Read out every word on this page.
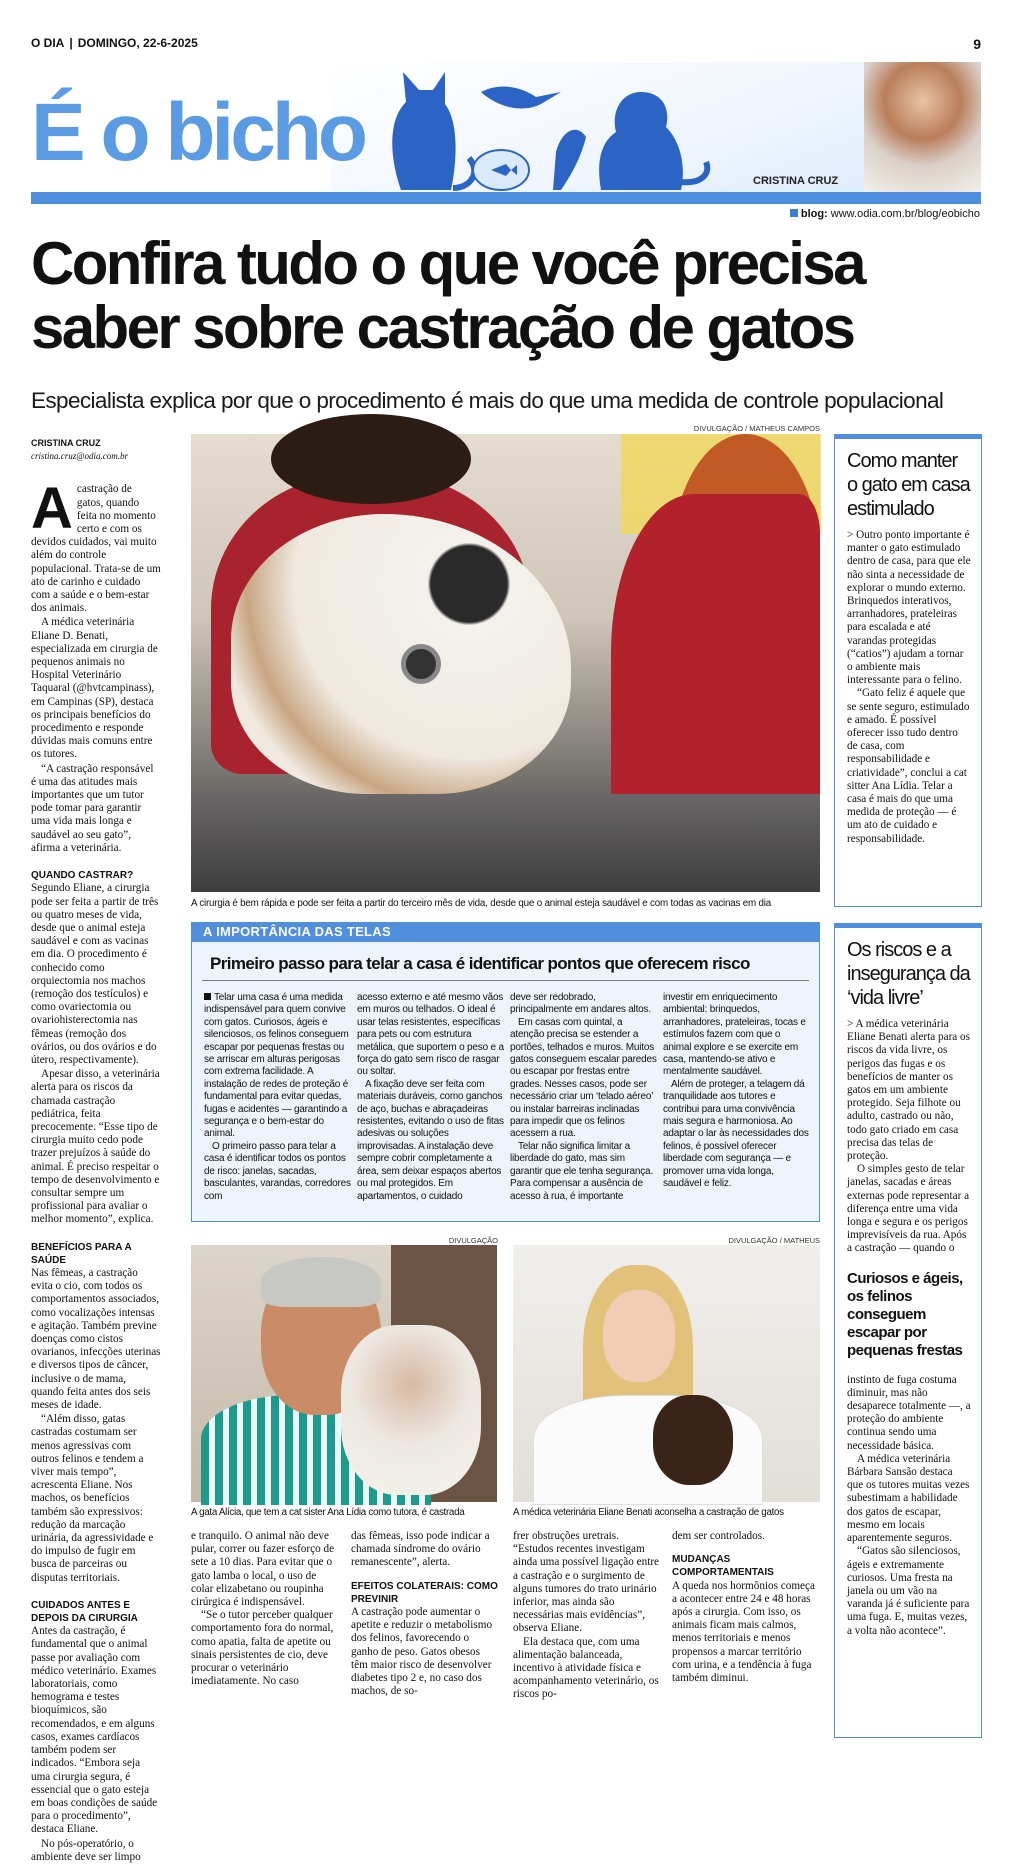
O DIA | DOMINGO, 22-6-2025	9
É o bicho
CRISTINA CRUZ
blog: www.odia.com.br/blog/eobicho
Confira tudo o que você precisa saber sobre castração de gatos
Especialista explica por que o procedimento é mais do que uma medida de controle populacional
CRISTINA CRUZ
cristina.cruz@odia.com.br

Acastração de gatos, quando feita no momento certo e com os devidos cuidados, vai muito além do controle populacional. Trata-se de um ato de carinho e cuidado com a saúde e o bem-estar dos animais.

A médica veterinária Eliane D. Benati, especializada em cirurgia de pequenos animais no Hospital Veterinário Taquaral (@hvtcampinass), em Campinas (SP), destaca os principais benefícios do procedimento e responde dúvidas mais comuns entre os tutores.

“A castração responsável é uma das atitudes mais importantes que um tutor pode tomar para garantir uma vida mais longa e saudável ao seu gato”, afirma a veterinária.

QUANDO CASTRAR?

Segundo Eliane, a cirurgia pode ser feita a partir de três ou quatro meses de vida, desde que o animal esteja saudável e com as vacinas em dia. O procedimento é conhecido como orquiectomia nos machos (remoção dos testículos) e como ovariectomia ou ovariohisterectomia nas fêmeas (remoção dos ovários, ou dos ovários e do útero, respectivamente).

Apesar disso, a veterinária alerta para os riscos da chamada castração pediátrica, feita precocemente. “Esse tipo de cirurgia muito cedo pode trazer prejuízos à saúde do animal. É preciso respeitar o tempo de desenvolvimento e consultar sempre um profissional para avaliar o melhor momento”, explica.

BENEFÍCIOS PARA A SAÚDE

Nas fêmeas, a castração evita o cio, com todos os comportamentos associados, como vocalizações intensas e agitação. Também previne doenças como cistos ovarianos, infecções uterinas e diversos tipos de câncer, inclusive o de mama, quando feita antes dos seis meses de idade.

“Além disso, gatas castradas costumam ser menos agressivas com outros felinos e tendem a viver mais tempo”, acrescenta Eliane. Nos machos, os benefícios também são expressivos: redução da marcação urinária, da agressividade e do impulso de fugir em busca de parceiras ou disputas territoriais.

CUIDADOS ANTES E DEPOIS DA CIRURGIA

Antes da castração, é fundamental que o animal passe por avaliação com médico veterinário. Exames laboratoriais, como hemograma e testes bioquímicos, são recomendados, e em alguns casos, exames cardíacos também podem ser indicados. “Embora seja uma cirurgia segura, é essencial que o gato esteja em boas condições de saúde para o procedimento”, destaca Eliane.

No pós-operatório, o ambiente deve ser limpo

DIVULGAÇÃO / MATHEUS CAMPOS
A cirurgia é bem rápida e pode ser feita a partir do terceiro mês de vida, desde que o animal esteja saudável e com todas as vacinas em dia
Como manter o gato em casa estimulado

> Outro ponto importante é manter o gato estimulado dentro de casa, para que ele não sinta a necessidade de explorar o mundo externo. Brinquedos interativos, arranhadores, prateleiras para escalada e até varandas protegidas (“catios”) ajudam a tornar o ambiente mais interessante para o felino.

“Gato feliz é aquele que se sente seguro, estimulado e amado. É possível oferecer isso tudo dentro de casa, com responsabilidade e criatividade”, conclui a cat sitter Ana Lídia. Telar a casa é mais do que uma medida de proteção — é um ato de cuidado e responsabilidade.

Os riscos e a insegurança da ‘vida livre’

> A médica veterinária Eliane Benati alerta para os riscos da vida livre, os perigos das fugas e os benefícios de manter os gatos em um ambiente protegido. Seja filhote ou adulto, castrado ou não, todo gato criado em casa precisa das telas de proteção.

O simples gesto de telar janelas, sacadas e áreas externas pode representar a diferença entre uma vida longa e segura e os perigos imprevisíveis da rua. Após a castração — quando o

Curiosos e ágeis, os felinos conseguem escapar por pequenas frestas

instinto de fuga costuma diminuir, mas não desaparece totalmente —, a proteção do ambiente continua sendo uma necessidade básica.

A médica veterinária Bárbara Sansão destaca que os tutores muitas vezes subestimam a habilidade dos gatos de escapar, mesmo em locais aparentemente seguros.

“Gatos são silenciosos, ágeis e extremamente curiosos. Uma fresta na janela ou um vão na varanda já é suficiente para uma fuga. E, muitas vezes, a volta não acontece”.

A IMPORTÂNCIA DAS TELAS
Primeiro passo para telar a casa é identificar pontos que oferecem risco

Telar uma casa é uma medida indispensável para quem convive com gatos. Curiosos, ágeis e silenciosos, os felinos conseguem escapar por pequenas frestas ou se arriscar em alturas perigosas com extrema facilidade. A instalação de redes de proteção é fundamental para evitar quedas, fugas e acidentes — garantindo a segurança e o bem-estar do animal.

O primeiro passo para telar a casa é identificar todos os pontos de risco: janelas, sacadas, basculantes, varandas, corredores com

acesso externo e até mesmo vãos em muros ou telhados. O ideal é usar telas resistentes, específicas para pets ou com estrutura metálica, que suportem o peso e a força do gato sem risco de rasgar ou soltar.

A fixação deve ser feita com materiais duráveis, como ganchos de aço, buchas e abraçadeiras resistentes, evitando o uso de fitas adesivas ou soluções improvisadas. A instalação deve sempre cobrir completamente a área, sem deixar espaços abertos ou mal protegidos. Em apartamentos, o cuidado

deve ser redobrado, principalmente em andares altos.

Em casas com quintal, a atenção precisa se estender a portões, telhados e muros. Muitos gatos conseguem escalar paredes ou escapar por frestas entre grades. Nesses casos, pode ser necessário criar um ‘telado aéreo’ ou instalar barreiras inclinadas para impedir que os felinos acessem a rua.

Telar não significa limitar a liberdade do gato, mas sim garantir que ele tenha segurança. Para compensar a ausência de acesso à rua, é importante

investir em enriquecimento ambiental: brinquedos, arranhadores, prateleiras, tocas e estímulos fazem com que o animal explore e se exercite em casa, mantendo-se ativo e mentalmente saudável.

Além de proteger, a telagem dá tranquilidade aos tutores e contribui para uma convivência mais segura e harmoniosa. Ao adaptar o lar às necessidades dos felinos, é possível oferecer liberdade com segurança — e promover uma vida longa, saudável e feliz.

DIVULGAÇÃO
A gata Alícia, que tem a cat sister Ana Lídia como tutora, é castrada
DIVULGAÇÃO / MATHEUS
A médica veterinária Eliane Benati aconselha a castração de gatos

e tranquilo. O animal não deve pular, correr ou fazer esforço de sete a 10 dias. Para evitar que o gato lamba o local, o uso de colar elizabetano ou roupinha cirúrgica é indispensável.

“Se o tutor perceber qualquer comportamento fora do normal, como apatia, falta de apetite ou sinais persistentes de cio, deve procurar o veterinário imediatamente. No caso

das fêmeas, isso pode indicar a chamada síndrome do ovário remanescente”, alerta.

EFEITOS COLATERAIS: COMO PREVINIR

A castração pode aumentar o apetite e reduzir o metabolismo dos felinos, favorecendo o ganho de peso. Gatos obesos têm maior risco de desenvolver diabetes tipo 2 e, no caso dos machos, de so-

frer obstruções uretrais. “Estudos recentes investigam ainda uma possível ligação entre a castração e o surgimento de alguns tumores do trato urinário inferior, mas ainda são necessárias mais evidências”, observa Eliane.

Ela destaca que, com uma alimentação balanceada, incentivo à atividade física e acompanhamento veterinário, os riscos po-

dem ser controlados.

MUDANÇAS COMPORTAMENTAIS

A queda nos hormônios começa a acontecer entre 24 e 48 horas após a cirurgia. Com isso, os animais ficam mais calmos, menos territoriais e menos propensos a marcar território com urina, e a tendência à fuga também diminui.
